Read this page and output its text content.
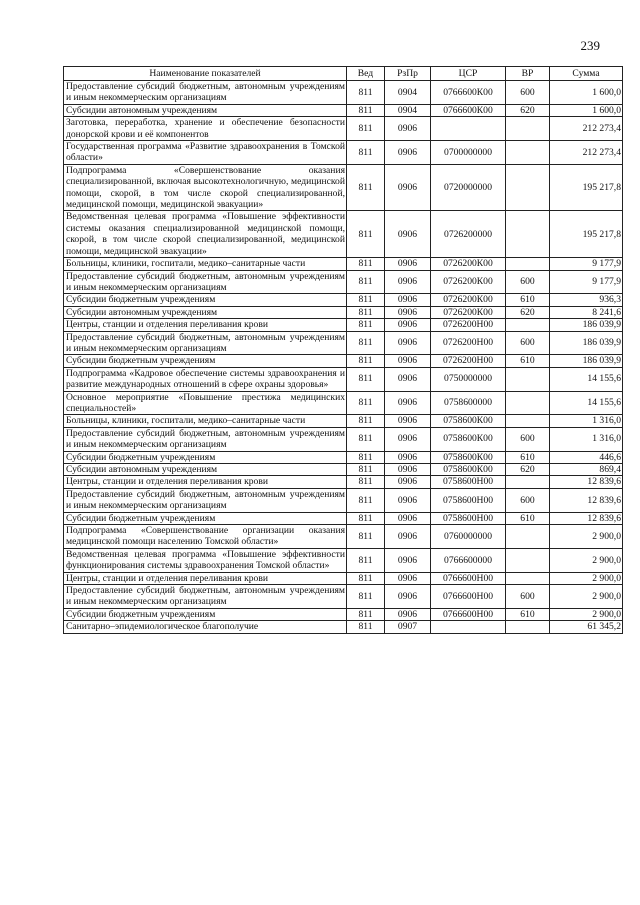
239
Наименование показателей	Вед	РзПр	ЦСР	ВР	Сумма
Предоставление субсидий бюджетным, автономным учреждениям и иным некоммерческим организациям	811	0904	0766600К00	600	1 600,0
Субсидии автономным учреждениям	811	0904	0766600К00	620	1 600,0
Заготовка, переработка, хранение и обеспечение безопасности донорской крови и её компонентов	811	0906			212 273,4
Государственная программа «Развитие здравоохранения в Томской области»	811	0906	0700000000		212 273,4
Подпрограмма «Совершенствование оказания специализированной, включая высокотехнологичную, медицинской помощи, скорой, в том числе скорой специализированной, медицинской помощи, медицинской эвакуации»	811	0906	0720000000		195 217,8
Ведомственная целевая программа «Повышение эффективности системы оказания специализированной медицинской помощи, скорой, в том числе скорой специализированной, медицинской помощи, медицинской эвакуации»	811	0906	0726200000		195 217,8
Больницы, клиники, госпитали, медико–санитарные части	811	0906	0726200К00		9 177,9
Предоставление субсидий бюджетным, автономным учреждениям и иным некоммерческим организациям	811	0906	0726200К00	600	9 177,9
Субсидии бюджетным учреждениям	811	0906	0726200К00	610	936,3
Субсидии автономным учреждениям	811	0906	0726200К00	620	8 241,6
Центры, станции и отделения переливания крови	811	0906	0726200Н00		186 039,9
Предоставление субсидий бюджетным, автономным учреждениям и иным некоммерческим организациям	811	0906	0726200Н00	600	186 039,9
Субсидии бюджетным учреждениям	811	0906	0726200Н00	610	186 039,9
Подпрограмма «Кадровое обеспечение системы здравоохранения и развитие международных отношений в сфере охраны здоровья»	811	0906	0750000000		14 155,6
Основное мероприятие «Повышение престижа медицинских специальностей»	811	0906	0758600000		14 155,6
Больницы, клиники, госпитали, медико–санитарные части	811	0906	0758600К00		1 316,0
Предоставление субсидий бюджетным, автономным учреждениям и иным некоммерческим организациям	811	0906	0758600К00	600	1 316,0
Субсидии бюджетным учреждениям	811	0906	0758600К00	610	446,6
Субсидии автономным учреждениям	811	0906	0758600К00	620	869,4
Центры, станции и отделения переливания крови	811	0906	0758600Н00		12 839,6
Предоставление субсидий бюджетным, автономным учреждениям и иным некоммерческим организациям	811	0906	0758600Н00	600	12 839,6
Субсидии бюджетным учреждениям	811	0906	0758600Н00	610	12 839,6
Подпрограмма «Совершенствование организации оказания медицинской помощи населению Томской области»	811	0906	0760000000		2 900,0
Ведомственная целевая программа «Повышение эффективности функционирования системы здравоохранения Томской области»	811	0906	0766600000		2 900,0
Центры, станции и отделения переливания крови	811	0906	0766600Н00		2 900,0
Предоставление субсидий бюджетным, автономным учреждениям и иным некоммерческим организациям	811	0906	0766600Н00	600	2 900,0
Субсидии бюджетным учреждениям	811	0906	0766600Н00	610	2 900,0
Санитарно–эпидемиологическое благополучие	811	0907			61 345,2
